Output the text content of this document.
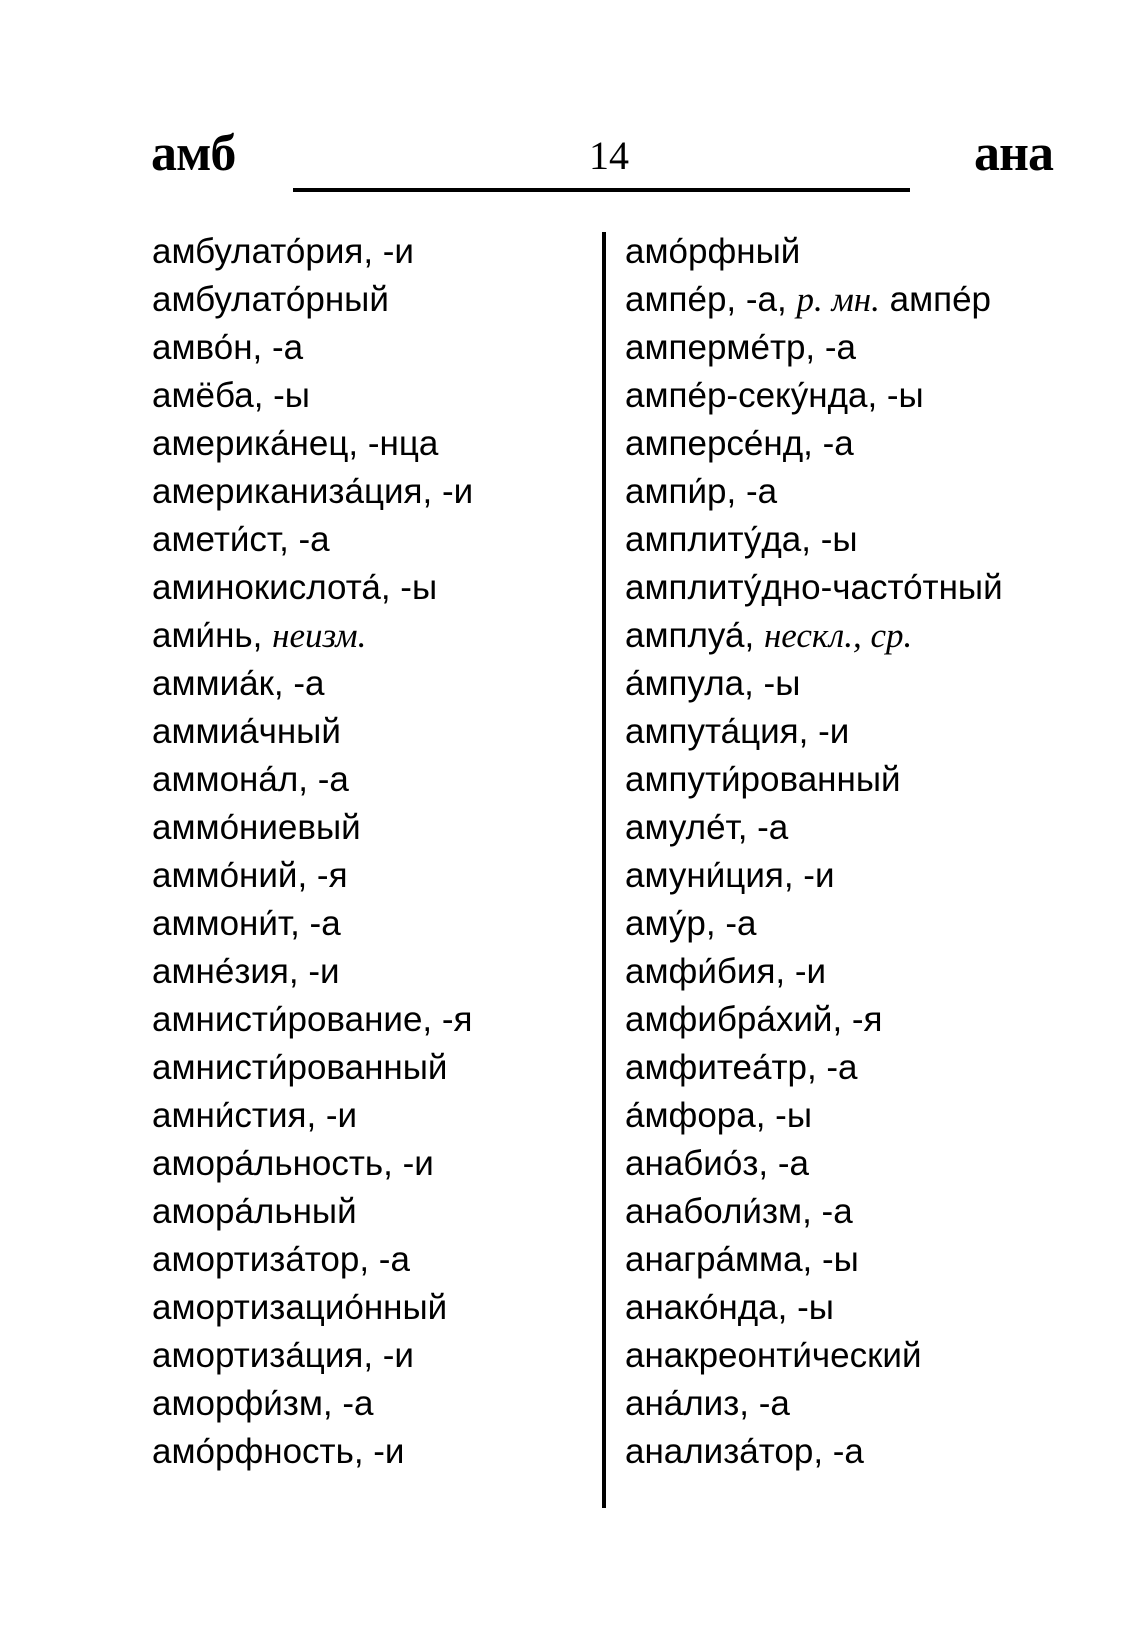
амб	14	ана
амбулато́рия, -и
амбулато́рный
амво́н, -а
амёба, -ы
америка́нец, -нца
американиза́ция, -и
амети́ст, -а
аминокислота́, -ы
ами́нь, неизм.
аммиа́к, -а
аммиа́чный
аммона́л, -а
аммо́ниевый
аммо́ний, -я
аммони́т, -а
амне́зия, -и
амнисти́рование, -я
амнисти́рованный
амни́стия, -и
амора́льность, -и
амора́льный
амортиза́тор, -а
амортизацио́нный
амортиза́ция, -и
аморфи́зм, -а
амо́рфность, -и
амо́рфный
ампе́р, -а, р. мн. ампе́р
амперме́тр, -а
ампе́р-секу́нда, -ы
амперсе́нд, -а
ампи́р, -а
амплиту́да, -ы
амплиту́дно-часто́тный
амплуа́, нескл., ср.
а́мпула, -ы
ампута́ция, -и
ампути́рованный
амуле́т, -а
амуни́ция, -и
аму́р, -а
амфи́бия, -и
амфибра́хий, -я
амфитеа́тр, -а
а́мфора, -ы
анабио́з, -а
анаболи́зм, -а
анагра́мма, -ы
анако́нда, -ы
анакреонти́ческий
ана́лиз, -а
анализа́тор, -а
